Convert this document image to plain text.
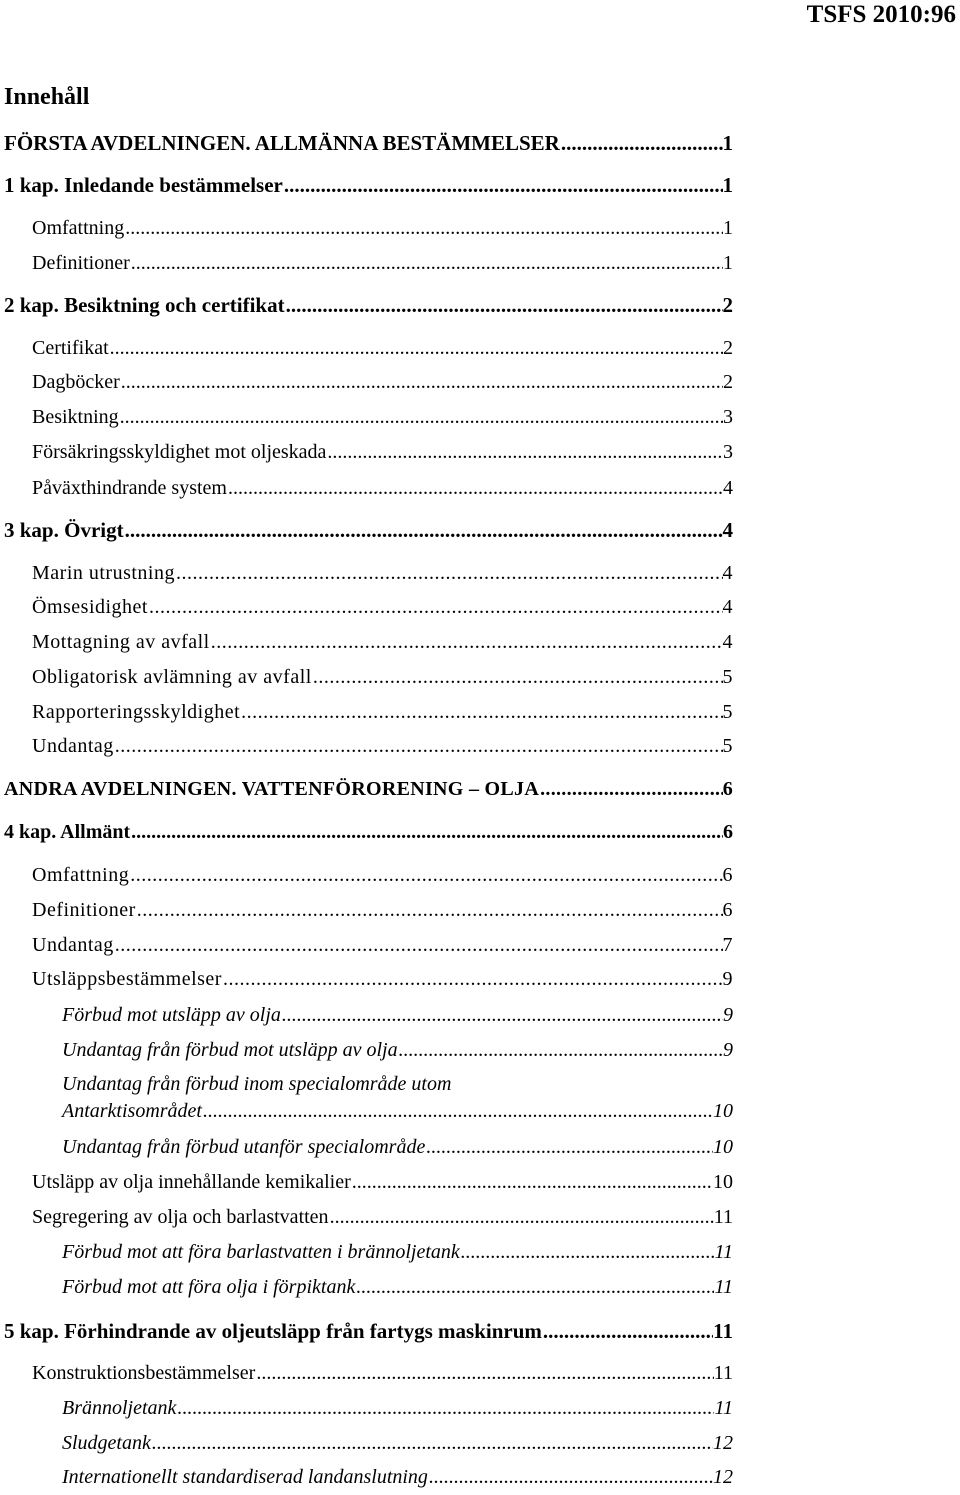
TSFS 2010:96
Innehåll
FÖRSTA AVDELNINGEN. ALLMÄNNA BESTÄMMELSER .....	1
1 kap. Inledande bestämmelser .....	1
Omfattning .....	1
Definitioner .....	1
2 kap. Besiktning och certifikat .....	2
Certifikat .....	2
Dagböcker .....	2
Besiktning .....	3
Försäkringsskyldighet mot oljeskada .....	3
Påväxthindrande system .....	4
3 kap. Övrigt .....	4
Marin utrustning .....	4
Ömsesidighet .....	4
Mottagning av avfall .....	4
Obligatorisk avlämning av avfall .....	5
Rapporteringsskyldighet .....	5
Undantag .....	5
ANDRA AVDELNINGEN. VATTENFÖRORENING – OLJA .....	6
4 kap. Allmänt .....	6
Omfattning .....	6
Definitioner .....	6
Undantag .....	7
Utsläppsbestämmelser .....	9
Förbud mot utsläpp av olja .....	9
Undantag från förbud mot utsläpp av olja .....	9
Undantag från förbud inom specialområde utom
Antarktisområdet .....	10
Undantag från förbud utanför specialområde .....	10
Utsläpp av olja innehållande kemikalier .....	10
Segregering av olja och barlastvatten .....	11
Förbud mot att föra barlastvatten i brännoljetank .....	11
Förbud mot att föra olja i förpiktank .....	11
5 kap. Förhindrande av oljeutsläpp från fartygs maskinrum .....	11
Konstruktionsbestämmelser .....	11
Brännoljetank .....	11
Sludgetank .....	12
Internationellt standardiserad landanslutning .....	12
